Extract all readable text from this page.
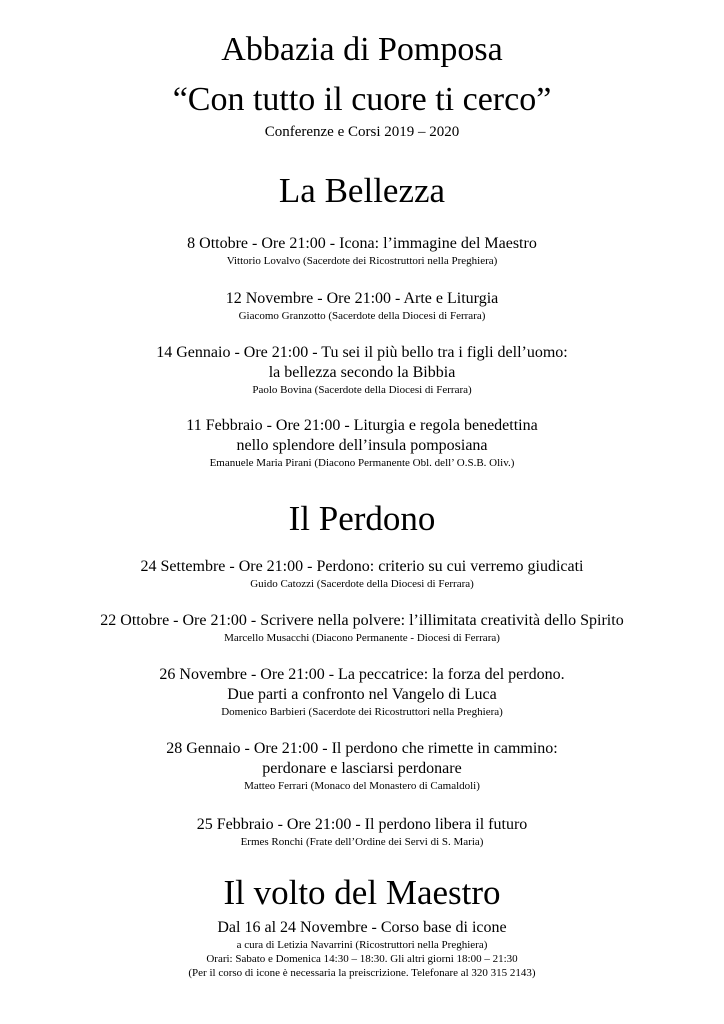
Abbazia di Pomposa
“Con tutto il cuore ti cerco”
Conferenze e Corsi 2019 – 2020
La Bellezza
8 Ottobre - Ore 21:00 - Icona: l’immagine del Maestro
Vittorio Lovalvo (Sacerdote dei Ricostruttori nella Preghiera)
12 Novembre - Ore 21:00 - Arte e Liturgia
Giacomo Granzotto (Sacerdote della Diocesi di Ferrara)
14 Gennaio - Ore 21:00 - Tu sei il più bello tra i figli dell’uomo:
la bellezza secondo la Bibbia
Paolo Bovina (Sacerdote della Diocesi di Ferrara)
11 Febbraio - Ore 21:00 - Liturgia e regola benedettina
nello splendore dell’insula pomposiana
Emanuele Maria Pirani (Diacono Permanente Obl. dell’ O.S.B. Oliv.)
Il Perdono
24 Settembre - Ore 21:00 - Perdono: criterio su cui verremo giudicati
Guido Catozzi (Sacerdote della Diocesi di Ferrara)
22 Ottobre - Ore 21:00 - Scrivere nella polvere: l’illimitata creatività dello Spirito
Marcello Musacchi (Diacono Permanente - Diocesi di Ferrara)
26 Novembre - Ore 21:00 - La peccatrice: la forza del perdono.
Due parti a confronto nel Vangelo di Luca
Domenico Barbieri (Sacerdote dei Ricostruttori nella Preghiera)
28 Gennaio - Ore 21:00 - Il perdono che rimette in cammino:
perdonare e lasciarsi perdonare
Matteo Ferrari (Monaco del Monastero di Camaldoli)
25 Febbraio - Ore 21:00 - Il perdono libera il futuro
Ermes Ronchi (Frate dell’Ordine dei Servi di S. Maria)
Il volto del Maestro
Dal 16 al 24 Novembre - Corso base di icone
a cura di Letizia Navarrini (Ricostruttori nella Preghiera)
Orari: Sabato e Domenica 14:30 – 18:30. Gli altri giorni 18:00 – 21:30
(Per il corso di icone è necessaria la preiscrizione. Telefonare al 320 315 2143)
